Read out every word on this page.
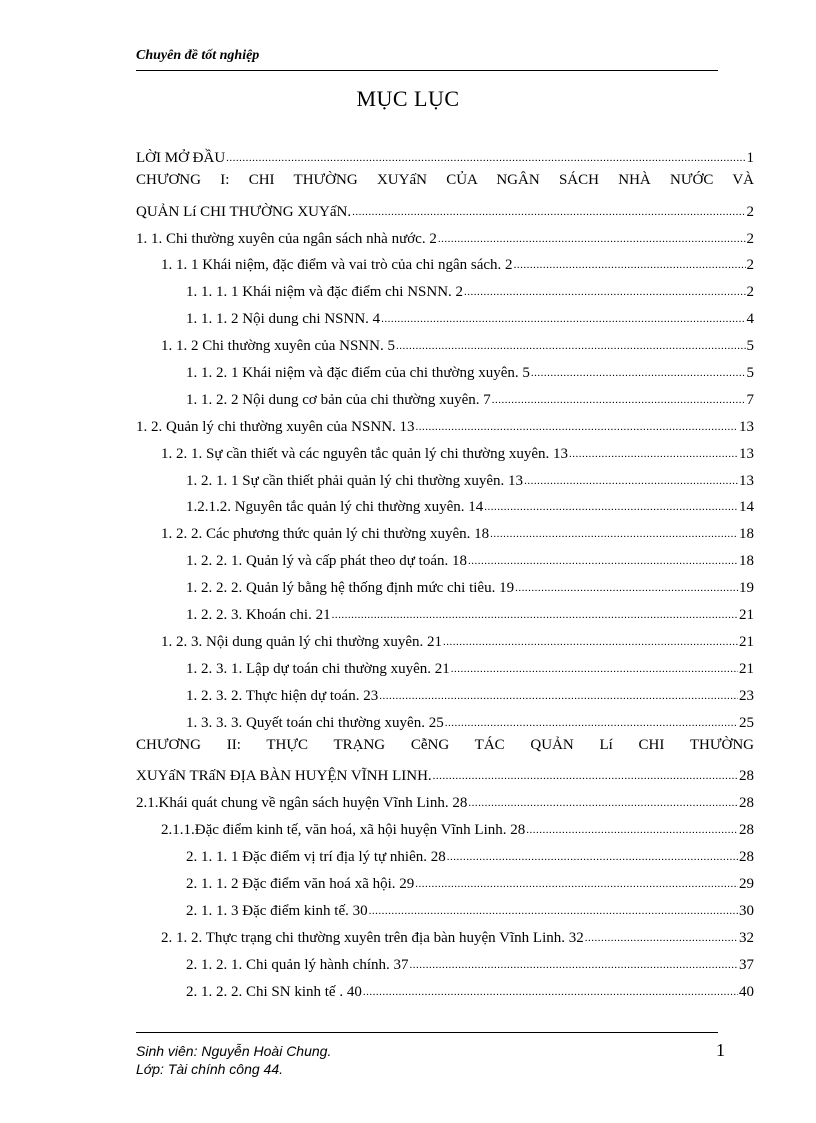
Chuyên đề tốt nghiệp
MỤC LỤC
LỜI MỞ ĐẦU .....	1
CHƯƠNG I: CHI THƯỜNG XUYấN CỦA NGÂN SÁCH NHÀ NƯỚC VÀ
QUẢN Lí CHI THƯỜNG XUYấN. .....	2
1. 1. Chi thường xuyên của ngân sách nhà nước. 2 .....	2
1. 1. 1 Khái niệm, đặc điểm và vai trò của chi ngân sách. 2 .....	2
1. 1. 1. 1 Khái niệm và đặc điểm chi NSNN. 2 .....	2
1. 1. 1. 2 Nội dung chi NSNN. 4 .....	4
1. 1. 2 Chi thường xuyên của NSNN. 5 .....	5
1. 1. 2. 1 Khái niệm và đặc điểm của chi thường xuyên. 5 .....	5
1. 1. 2. 2 Nội dung cơ bản của chi thường xuyên. 7 .....	7
1. 2. Quản lý chi thường xuyên của NSNN. 13 .....	13
1. 2. 1. Sự cần thiết và các nguyên tắc quản lý chi thường xuyên. 13 .....	13
1. 2. 1. 1 Sự cần thiết phải quản lý chi thường xuyên. 13 .....	13
1.2.1.2. Nguyên tắc quản lý chi thường xuyên. 14 .....	14
1. 2. 2. Các phương thức quản lý chi thường xuyên. 18 .....	18
1. 2. 2. 1. Quản lý và cấp phát theo dự toán. 18 .....	18
1. 2. 2. 2. Quản lý bằng hệ thống định mức chi tiêu. 19 .....	19
1. 2. 2. 3. Khoán chi. 21 .....	21
1. 2. 3. Nội dung quản lý chi thường xuyên. 21 .....	21
1. 2. 3. 1. Lập dự toán chi thường xuyên. 21 .....	21
1. 2. 3. 2. Thực hiện dự toán. 23 .....	23
1. 3. 3. 3. Quyết toán chi thường xuyên. 25 .....	25
CHƯƠNG II: THỰC TRẠNG CễNG TÁC QUẢN Lí CHI THƯỜNG
XUYấN TRấN ĐỊA BÀN HUYỆN VĨNH LINH. .....	28
2.1.Khái quát chung về ngân sách huyện Vĩnh Linh. 28 .....	28
2.1.1.Đặc điểm kinh tế, văn hoá, xã hội huyện Vĩnh Linh. 28 .....	28
2. 1. 1. 1 Đặc điểm vị trí địa lý tự nhiên. 28 .....	28
2. 1. 1. 2 Đặc điểm văn hoá xã hội. 29 .....	29
2. 1. 1. 3 Đặc điểm kinh tế. 30 .....	30
2. 1. 2. Thực trạng chi thường xuyên trên địa bàn huyện Vĩnh Linh. 32 .....	32
2. 1. 2. 1. Chi quản lý hành chính. 37 .....	37
2. 1. 2. 2. Chi SN kinh tế . 40 .....	40
Sinh viên: Nguyễn Hoài Chung.
Lớp: Tài chính công 44.
1
